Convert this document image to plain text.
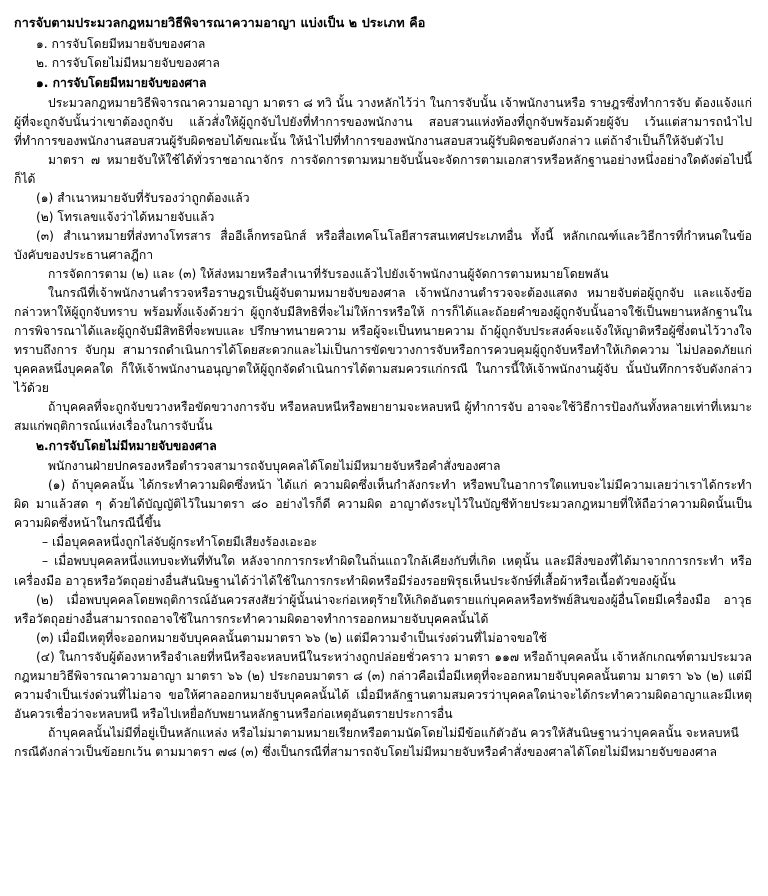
การจับตามประมวลกฎหมายวิธีพิจารณาความอาญา แบ่งเป็น ๒ ประเภท คือ
๑. การจับโดยมีหมายจับของศาล
๒. การจับโดยไม่มีหมายจับของศาล
๑. การจับโดยมีหมายจับของศาล
ประมวลกฎหมายวิธีพิจารณาความอาญา มาตรา ๘ ทวิ นั้น วางหลักไว้ว่า ในการจับนั้น เจ้าพนักงานหรือ ราษฎรซึ่งทำการจับ ต้องแจ้งแก่ผู้ที่จะถูกจับนั้นว่าเขาต้องถูกจับ แล้วสั่งให้ผู้ถูกจับไปยังที่ทำการของพนักงาน สอบสวนแห่งท้องที่ถูกจับพร้อมด้วยผู้จับ เว้นแต่สามารถนำไปที่ทำการของพนักงานสอบสวนผู้รับผิดชอบได้ขณะนั้น ให้นำไปที่ทำการของพนักงานสอบสวนผู้รับผิดชอบดังกล่าว แต่ถ้าจำเป็นก็ให้จับตัวไป
มาตรา ๗ หมายจับให้ใช้ได้ทั่วราชอาณาจักร การจัดการตามหมายจับนั้นจะจัดการตามเอกสารหรือหลักฐานอย่างหนึ่งอย่างใดดังต่อไปนี้ก็ได้
(๑) สำเนาหมายจับที่รับรองว่าถูกต้องแล้ว
(๒) โทรเลขแจ้งว่าได้หมายจับแล้ว
(๓) สำเนาหมายที่ส่งทางโทรสาร สื่ออีเล็กทรอนิกส์ หรือสื่อเทคโนโลยีสารสนเทศประเภทอื่น ทั้งนี้ หลักเกณฑ์และวิธีการที่กำหนดในข้อบังคับของประธานศาลฎีกา
การจัดการตาม (๒) และ (๓) ให้ส่งหมายหรือสำเนาที่รับรองแล้วไปยังเจ้าพนักงานผู้จัดการตามหมายโดยพลัน
ในกรณีที่เจ้าพนักงานตำรวจหรือราษฎรเป็นผู้จับตามหมายจับของศาล เจ้าพนักงานตำรวจจะต้องแสดง หมายจับต่อผู้ถูกจับ และแจ้งข้อกล่าวหาให้ผู้ถูกจับทราบ พร้อมทั้งแจ้งด้วยว่า ผู้ถูกจับมีสิทธิที่จะไม่ให้การหรือให้ การก็ได้และถ้อยคำของผู้ถูกจับนั้นอาจใช้เป็นพยานหลักฐานในการพิจารณาได้และผู้ถูกจับมีสิทธิที่จะพบและ ปรึกษาทนายความ หรือผู้จะเป็นทนายความ ถ้าผู้ถูกจับประสงค์จะแจ้งให้ญาติหรือผู้ซึ่งตนไว้วางใจทราบถึงการ จับกุม สามารถดำเนินการได้โดยสะดวกและไม่เป็นการขัดขวางการจับหรือการควบคุมผู้ถูกจับหรือทำให้เกิดความ ไม่ปลอดภัยแก่บุคคลหนึ่งบุคคลใด ก็ให้เจ้าพนักงานอนุญาตให้ผู้ถูกจัดดำเนินการได้ตามสมควรแก่กรณี ในการนี้ให้เจ้าพนักงานผู้จับ นั้นบันทึกการจับดังกล่าวไว้ด้วย
ถ้าบุคคลที่จะถูกจับขวางหรือขัดขวางการจับ หรือหลบหนีหรือพยายามจะหลบหนี ผู้ทำการจับ อาจจะใช้วิธีการป้องกันทั้งหลายเท่าที่เหมาะสมแก่พฤติการณ์แห่งเรื่องในการจับนั้น
๒.การจับโดยไม่มีหมายจับของศาล
พนักงานฝ่ายปกครองหรือตำรวจสามารถจับบุคคลได้โดยไม่มีหมายจับหรือคำสั่งของศาล
(๑) ถ้าบุคคลนั้น ได้กระทำความผิดซึ่งหน้า ได้แก่ ความผิดซึ่งเห็นกำลังกระทำ หรือพบในอาการใดแทบจะไม่มีความเลยว่าเราได้กระทำผิด มาแล้วสด ๆ ด้วยได้บัญญัติไว้ในมาตรา ๘๐ อย่างไรก็ดี ความผิด อาญาดังระบุไว้ในบัญชีท้ายประมวลกฎหมายที่ให้ถือว่าความผิดนั้นเป็นความผิดซึ่งหน้าในกรณีนี้ขึ้น
– เมื่อบุคคลหนึ่งถูกไล่จับผู้กระทำโดยมีเสียงร้องเอะอะ
– เมื่อพบบุคคลหนึ่งแทบจะทันที่ทันใด หลังจากการกระทำผิดในถิ่นแถวใกล้เคียงกับที่เกิด เหตุนั้น และมีสิ่งของที่ได้มาจากการกระทำ หรือเครื่องมือ อาวุธหรือวัตถุอย่างอื่นสันนิษฐานได้ว่าได้ใช้ในการกระทำผิดหรือมีร่องรอยพิรุธเห็นประจักษ์ที่เสื้อผ้าหรือเนื้อตัวของผู้นั้น
(๒) เมื่อพบบุคคลโดยพฤติการณ์อันควรสงสัยว่าผู้นั้นน่าจะก่อเหตุร้ายให้เกิดอันตรายแก่บุคคลหรือทรัพย์สินของผู้อื่นโดยมีเครื่องมือ อาวุธ หรือวัตถุอย่างอื่นสามารถถอาจใช้ในการกระทำความผิดอาจทำการออกหมายจับบุคคลนั้นได้
(๓) เมื่อมีเหตุที่จะออกหมายจับบุคคลนั้นตามมาตรา ๖๖ (๒) แต่มีความจำเป็นเร่งด่วนที่ไม่อาจขอใช้
(๔) ในการจับผู้ต้องหาหรือจำเลยที่หนีหรือจะหลบหนีในระหว่างถูกปล่อยชั่วคราว มาตรา ๑๑๗ หรือถ้าบุคคลนั้น เจ้าหลักเกณฑ์ตามประมวลกฎหมายวิธีพิจารณาความอาญา มาตรา ๖๖ (๒) ประกอบมาตรา ๘ (๓) กล่าวคือเมื่อมีเหตุที่จะออกหมายจับบุคคลนั้นตาม มาตรา ๖๖ (๒) แต่มีความจำเป็นเร่งด่วนที่ไม่อาจ ขอให้ศาลออกหมายจับบุคคลนั้นได้ เมื่อมีหลักฐานตามสมควรว่าบุคคลใดน่าจะได้กระทำความผิดอาญาและมีเหตุ อันควรเชื่อว่าจะหลบหนี หรือไปเหยื่อกับพยานหลักฐานหรือก่อเหตุอันตรายประการอื่น
ถ้าบุคคลนั้นไม่มีที่อยู่เป็นหลักแหล่ง หรือไม่มาตามหมายเรียกหรือตามนัดโดยไม่มีข้อแก้ตัวอัน ควรให้สันนิษฐานว่าบุคคลนั้น จะหลบหนี
กรณีดังกล่าวเป็นข้อยกเว้น ตามมาตรา ๗๘ (๓) ซึ่งเป็นกรณีที่สามารถจับโดยไม่มีหมายจับหรือคำสั่งของศาลได้โดยไม่มีหมายจับของศาล
